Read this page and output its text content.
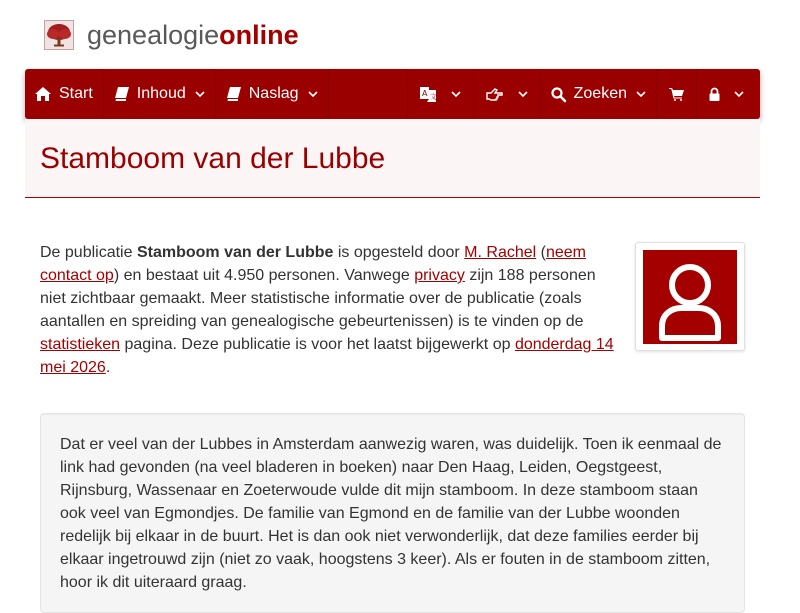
genealogieonline
Start	Inhoud	Naslag	A 文	Zoeken
Stamboom van der Lubbe

De publicatie Stamboom van der Lubbe is opgesteld door M. Rachel (neem contact op) en bestaat uit 4.950 personen. Vanwege privacy zijn 188 personen niet zichtbaar gemaakt. Meer statistische informatie over de publicatie (zoals aantallen en spreiding van genealogische gebeurtenissen) is te vinden op de statistieken pagina. Deze publicatie is voor het laatst bijgewerkt op donderdag 14 mei 2026.

Dat er veel van der Lubbes in Amsterdam aanwezig waren, was duidelijk. Toen ik eenmaal de link had gevonden (na veel bladeren in boeken) naar Den Haag, Leiden, Oegstgeest, Rijnsburg, Wassenaar en Zoeterwoude vulde dit mijn stamboom. In deze stamboom staan ook veel van Egmondjes. De familie van Egmond en de familie van der Lubbe woonden redelijk bij elkaar in de buurt. Het is dan ook niet verwonderlijk, dat deze families eerder bij elkaar ingetrouwd zijn (niet zo vaak, hoogstens 3 keer). Als er fouten in de stamboom zitten, hoor ik dit uiteraard graag.
